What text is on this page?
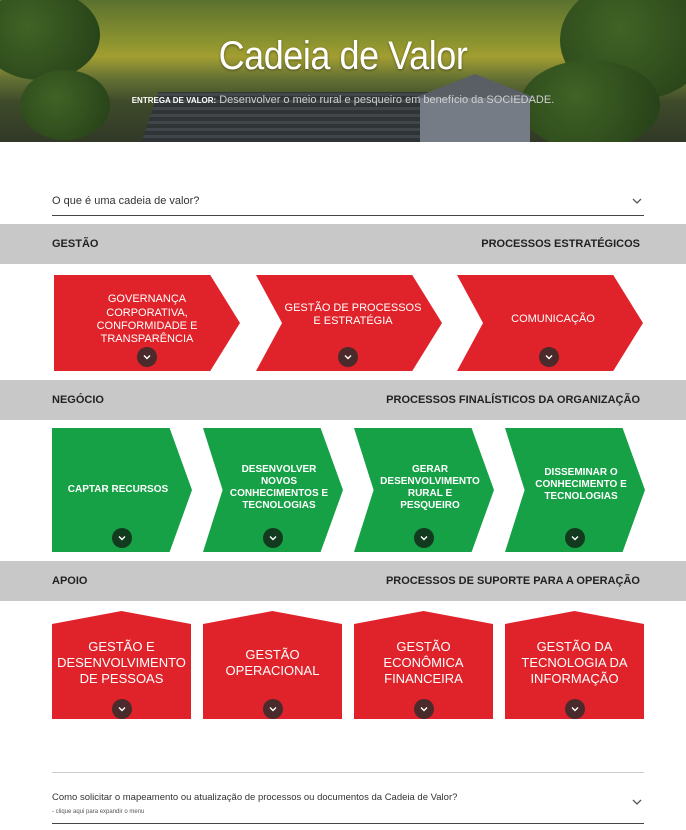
Cadeia de Valor
ENTREGA DE VALOR: Desenvolver o meio rural e pesqueiro em benefício da SOCIEDADE.
O que é uma cadeia de valor?
GESTÃO	PROCESSOS ESTRATÉGICOS
GOVERNANÇA CORPORATIVA, CONFORMIDADE E TRANSPARÊNCIA
GESTÃO DE PROCESSOS E ESTRATÉGIA	COMUNICAÇÃO
NEGÓCIO	PROCESSOS FINALÍSTICOS DA ORGANIZAÇÃO
CAPTAR RECURSOS
DESENVOLVER NOVOS CONHECIMENTOS E TECNOLOGIAS
GERAR DESENVOLVIMENTO RURAL E PESQUEIRO
DISSEMINAR O CONHECIMENTO E TECNOLOGIAS
APOIO	PROCESSOS DE SUPORTE PARA A OPERAÇÃO
GESTÃO E DESENVOLVIMENTO DE PESSOAS
GESTÃO OPERACIONAL
GESTÃO ECONÔMICA FINANCEIRA
GESTÃO DA TECNOLOGIA DA INFORMAÇÃO
Como solicitar o mapeamento ou atualização de processos ou documentos da Cadeia de Valor?
- clique aqui para expandir o menu
